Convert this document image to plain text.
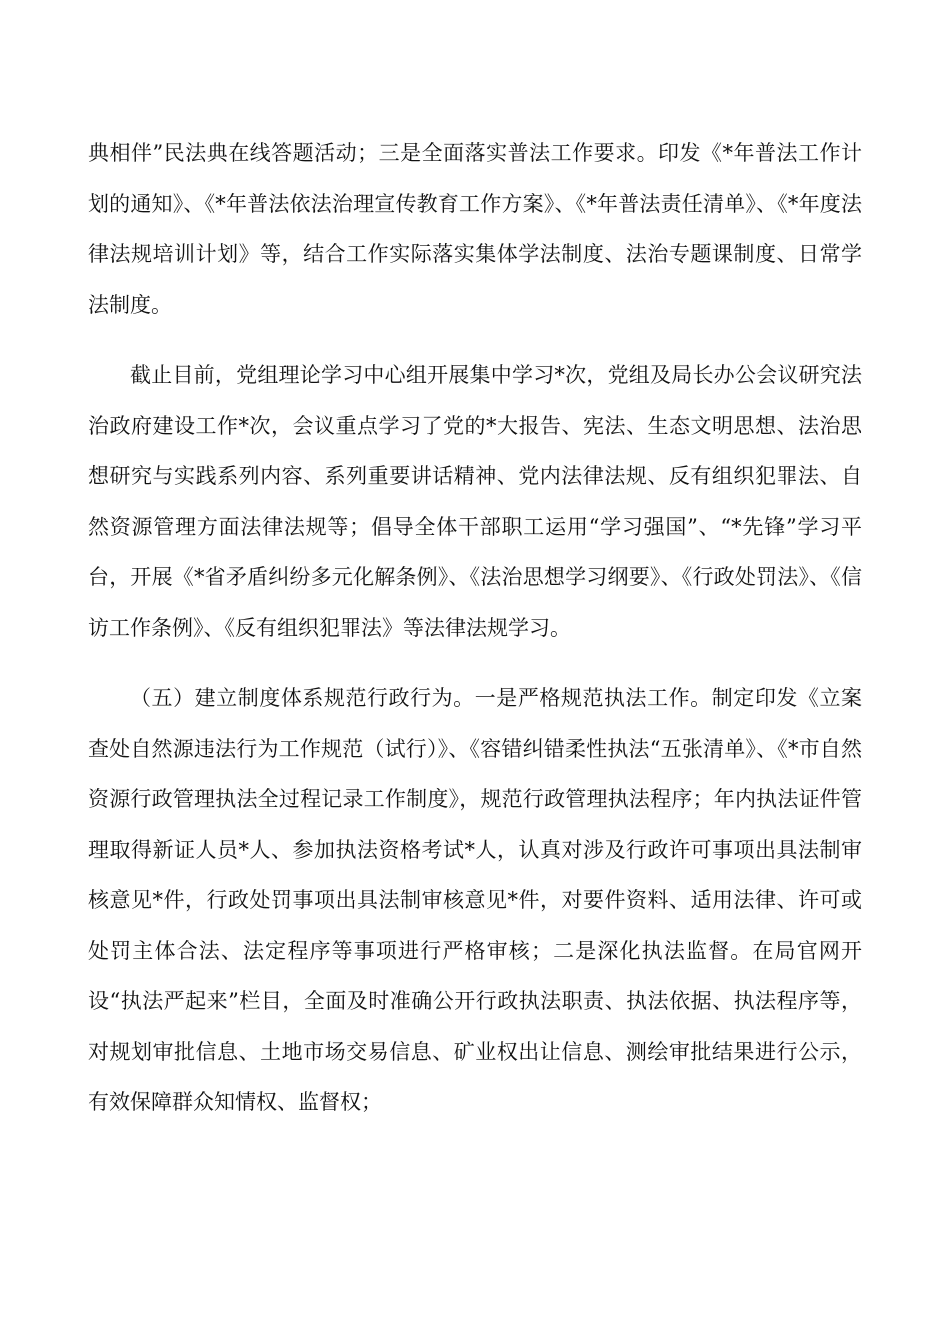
典相伴”民法典在线答题活动；三是全面落实普法工作要求。印发《*年普法工作计划的通知》、《*年普法依法治理宣传教育工作方案》、《*年普法责任清单》、《*年度法律法规培训计划》等，结合工作实际落实集体学法制度、法治专题课制度、日常学法制度。

截止目前，党组理论学习中心组开展集中学习*次，党组及局长办公会议研究法治政府建设工作*次，会议重点学习了党的*大报告、宪法、生态文明思想、法治思想研究与实践系列内容、系列重要讲话精神、党内法律法规、反有组织犯罪法、自然资源管理方面法律法规等；倡导全体干部职工运用“学习强国”、“*先锋”学习平台，开展《*省矛盾纠纷多元化解条例》、《法治思想学习纲要》、《行政处罚法》、《信访工作条例》、《反有组织犯罪法》等法律法规学习。

（五）建立制度体系规范行政行为。一是严格规范执法工作。制定印发《立案查处自然源违法行为工作规范（试行）》、《容错纠错柔性执法“五张清单》、《*市自然资源行政管理执法全过程记录工作制度》，规范行政管理执法程序；年内执法证件管理取得新证人员*人、参加执法资格考试*人，认真对涉及行政许可事项出具法制审核意见*件，行政处罚事项出具法制审核意见*件，对要件资料、适用法律、许可或处罚主体合法、法定程序等事项进行严格审核；二是深化执法监督。在局官网开设“执法严起来”栏目，全面及时准确公开行政执法职责、执法依据、执法程序等，对规划审批信息、土地市场交易信息、矿业权出让信息、测绘审批结果进行公示，有效保障群众知情权、监督权；
